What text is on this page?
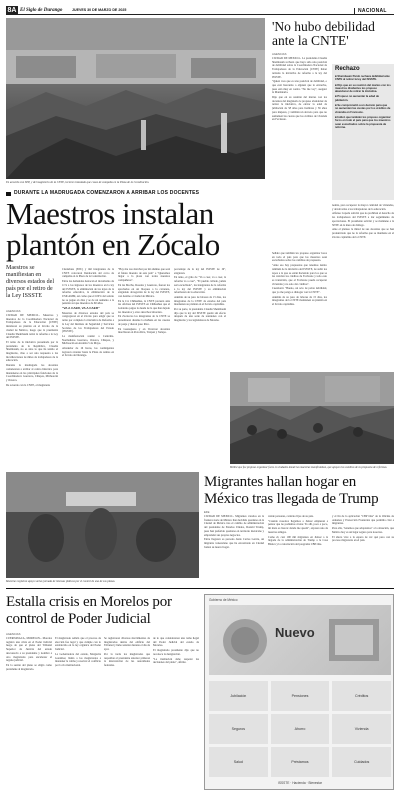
8A El Siglo de Durango	JUEVES 30 DE MARZO DE 2025	NACIONAL
En acuerdo con SEP, y del magisterio de la CNTE, lectores instalado que cosas de campaña en la Plaza de la Constitución.
'No hubo debilidad ante la CNTE'
AGENCIAS

CIUDAD DE MÉXICO.- La presidenta Claudia Sheinbaum rechazó que haya sido una posición de debilidad sobre la Coordinadora Nacional de Trabajadores de la Educación (CNTE) haber retirado la iniciativa de reforma a la ley del ISSSTE.

"Quien crea que es una posición de debilidad, o que está buscando a alguien que le envuelve, pues está muy en contra. "No me voy", aseguró la Mandataria.

Dijo que en su reunión del martes con los docentes del magisterio le propuso abandonar de retirar la iniciativa, de elevar la edad de jubilación de 58 años para hombres y 56 años para mujeres, y también un decreto para que no aumenten las cuotas que los créditos de vivienda en Fovissste.

Señaló que también les propuso organizar foros en todo el país para que los maestros sean escuchados sobre los cambios de propuesta.

"Ante eso hay propuestas que tenemos dentro también de la iniciativa del ISSSTE, de subir los topes a la que se están haciendo para los que se les vencían los créditos de Fovissste y todo esto es transición, que el Fovissste pueda recuperar viviendas y no solo dar créditos".

Cuestionó: "Bueno, un acto de pobre debilidad, que yo me pongo a dialogar con la CNTE".

Además de su paro de labores de 15 días, los integrantes de la CNTE mantienen su plantón en el Zócalo capitalino.

Rechazo
■ Sheinbaum Pardo rechaza debilidad ante CNTE al retirar la ley del ISSSTE.
■ Dijo que en su reunión del martes con los maestros disidentes les propuso abandonar de retirar la iniciativa.
■ Propuso no aumentar la edad de jubilación.
■ Se comprometió a un decreto para que no aumenten las cuotas por los créditos de vivienda en Fovissste.
■ Indicó que también les propuso organizar foros en todo el país para que los maestros sean escuchados sobre la propuesta de reforma.

nomía, para recuperar la mayor cantidad de viviendas, y devolverlas a los trabajadores de la educación.

Alfonso Cepeda solicitó que no prohíban el derecho de los trabajadores del ISSSTE a dar seguimiento de aportaciones. El presidente solicitó y se mantiene a la SNTE en la mesa de diálogo.

Ante el planteo la mitad de sus docentes que se han pronunciado que no la reforma que se mantiene en el Zócalo capitalino de la CNTE.

DURANTE LA MADRUGADA COMENZARON A ARRIBAR LOS DOCENTES
Maestros instalan
plantón en Zócalo
Maestros se manifiestan en diversos estados del país por el retiro de la Ley ISSSTE
AGENCIAS

CIUDAD DE MÉXICO.- Maestros y maestros de la Coordinadora Nacional de Trabajadores de la Educación (CNTE) instalaron su plantón en el Zócalo de la ciudad de México, luego que la presidenta Claudia Sheinbaum retiró la reforma a la Ley del ISSSTE.

El retiro de la iniciativa presentada por la presidenta de la República, Claudia Sheinbaum, no es sino lo que ha tenido el magisterio, vino a ser una respuesta a las movilizaciones de miles de trabajadores de la educación.

Durante la madrugada los docentes comenzaron a arribar al centro histórico para mantenerse en las principales funciones de la Coordinadora: Guerrero, Chiapas, Michoacán y Oaxaca.

De acuerdo con la CNTE, el magisterio

Ciudadano (SNC) y mil integrantes de la CNTE colocaron Instalación del cerco de campaña en la Plaza de la Constitución.

Entre las demandas destacan el incremento de 11% a los ingresos de los maestros en la ley del ISSSTE, la eliminación de las leyes de la reforma educativa, la eliminación de la USICAMM, así como que el 100% del salario no se pague en días y se de un aumento a la pensión así que maestros de 60 años.

"VA A CAER, VA A CAER"

Maestros de diversos estados del país se congregaron en el Zócalo para exigir que se retire por completo la iniciativa de Reforma a la Ley del Instituto de Seguridad y Servicios Sociales de los Trabajadores del Estado (ISSSTE).

La manifestación reunió a Centralia. Normalistas Guerrero, Oaxaca, Chiapas, y Michoacán en Avenida 5 de Mayo.

Alrededor de 16 horas, los contingentes lograron avanzar hasta la Plaza de Armas en el Zócalo de Durango.

"Hoy me veo marchar por mi alumno que será el futuro maestro de este país" o "Queremos llegar a la plaza con todos nuestros compañeros".

En las Mocha, Rosales y Guerrero, fueron los aprobados en un bloqueo a la carretera, exigiendo abrogación de la ley del ISSSTE, con destino a Ciudad de México.

En la Cd. Chihuahua, la CNTE protestó ante las oficinas del ISSSTE en Chihuahua que el Gobierno pague la deuda de la que han dejado los maestros y otros derechos laborales.

En Zacatecas los integrantes de la CNTE se presentaron durante la mañana en las casetas de peaje y dieron paso libre.

En Guanajuato y en Veracruz docentes marcharon en Poza Rica, Tuxpan y Xalapa.

porcentaje de la ley del ISSSTE de 19", exigieron.

En tanto, el grito de "Va a caer, va a caer, la reforma va a caer", "El pueblo callado, jamás será escuchado", las integrantes de la reforma a la ley del ISSSTE y su eliminación reformaron de la educación.

Además de su paro de labores de 15 días, los integrantes de la CNTE de estados del país mantienen su plantón en el Zócalo capitalino.

Por su parte, la presidenta Claudia Sheinbaum dijo que la ley del ISSSTE quedó sin efecto después de una serie de reuniones con el magisterio y los legisladores de Morena.

Bellini que fue propuso organizar foros en ciudades donde las maestras manifestaban, que apoyan los cambios de la propuesta de reformas.
Maestras registran apoyo varias jornada de intensas pláticas por el control de una de sus plazas.
Migrantes hallan hogar en
México tras llegada de Trump
EFE

CIUDAD DE MÉXICO.- Migrantes varados en la frontera norte de México han decidido quedarse en la Ciudad de México tras el cambio de administración del presidente de Estados Unidos, Donald Trump, pues han preferido quedarse en territorio mexicano y emprender sus propios negocios.

Entre llegaron es persona Jesús Carlos García, un migrante venezolano que ha encontrado en Ciudad Juárez su nuevo hogar.

vende personas, contrato fijos de su país.

"Cuando nosotros llegamos a Juárez empiezan a pensar que no podíamos cruzar. Yo allí, poco a poco, mi meta es buscar donde me quedó", expresó uno de nuestros amigos.

Como él, casi 100 mil migrantes en Juárez a la llegada de la administración de Trump a la Casa Blanca y la cancelación del programa CBP One.

y el fin de la aplicación "CBP One" de la Oficina de Aduanas y Protección Fronteriza que permitía citar a migrantes.

Para ella, "tenemos que adaptarnos" a la situación, que México hoy es un lugar seguro para nosotros.

El ahora vive a la espera de ver qué pasa con su proceso migratorio en el país.

Estalla crisis en Morelos por
control de Poder Judicial
AGENCIAS

CUERNAVACA, MORELOS.- Morelos registró una crisis en el Poder Judicial luego de que el pleno del Tribunal Superior de Justicia del estado desconoció a su presidente y nombró a otro magistrado para encabezar el órgano judicial.

En la sesión del pleno se eligió como presidente al magistrado.

El magistrado señaló que el proceso de elección fue legal y que cumple con lo establecido en la ley orgánica del Poder Judicial.

La Gobernadora del estado, Margarita González, llamó a los magistrados a mantener la calma y resolver el conflicto por la vía institucional.

Se registraron diversos movimientos de magistrados dentro del edificio del Tribunal y hubo tensión durante el día de ayer.

Por la tarde los magistrados que respaldan al presidente anterior pidieron la intervención de las autoridades federales.

de lo que consideraron una toma ilegal del Poder Judicial del estado de Morelos.

El magistrado presidente dijo que no reconoce la designación.

"La institución debe respetar las decisiones del pleno", afirmó.

Gobierno de México
Nuevo
Jubilación	Pensiones	Créditos
Seguros	Ahorro	Vivienda
Salud	Préstamos	Cuidados
ISSSTE · Hacienda · Bienestar
